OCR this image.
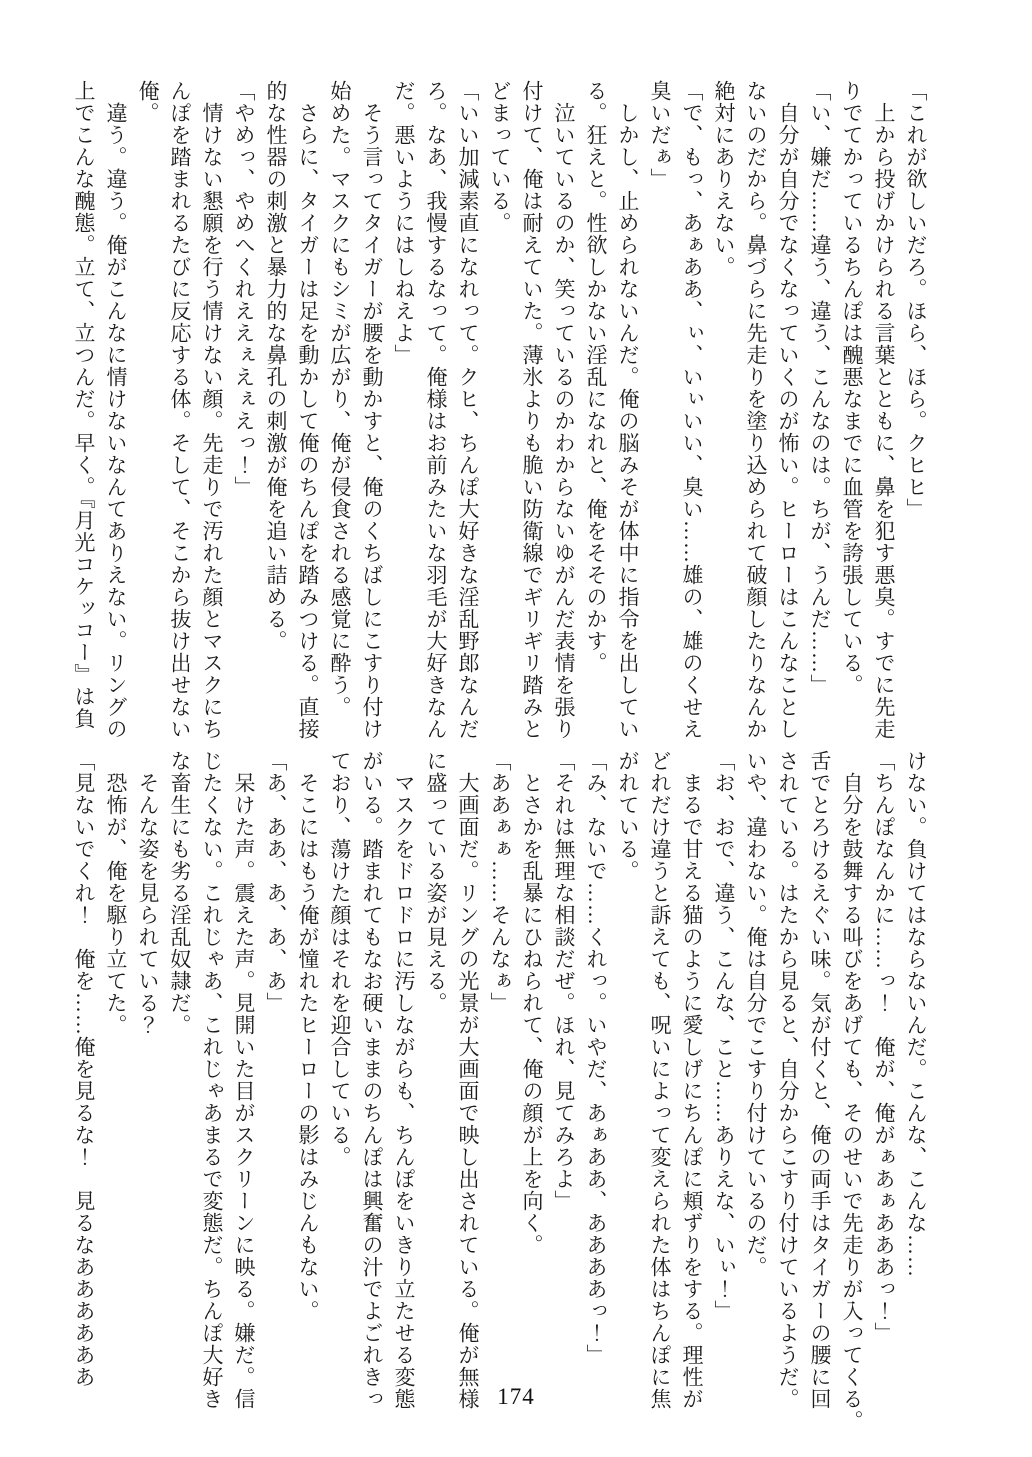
「これが欲しいだろ。ほら、ほら。クヒヒ」
　上から投げかけられる言葉とともに、鼻を犯す悪臭。すでに先走
りでてかっているちんぽは醜悪なまでに血管を誇張している。
「い、嫌だ……違う、違う、こんなのは。ちが、うんだ……」
　自分が自分でなくなっていくのが怖い。ヒーローはこんなことし
ないのだから。鼻づらに先走りを塗り込められて破顔したりなんか
絶対にありえない。
「で、もっ、あぁああ、ぃ、いぃいい、臭い……雄の、雄のくせえ
臭いだぁ」
　しかし、止められないんだ。俺の脳みそが体中に指令を出してい
る。狂えと。性欲しかない淫乱になれと、俺をそそのかす。
　泣いているのか、笑っているのかわからないゆがんだ表情を張り
付けて、俺は耐えていた。薄氷よりも脆い防衛線でギリギリ踏みと
どまっている。
「いい加減素直になれって。クヒ、ちんぽ大好きな淫乱野郎なんだ
ろ。なあ、我慢するなって。俺様はお前みたいな羽毛が大好きなん
だ。悪いようにはしねえよ」
　そう言ってタイガーが腰を動かすと、俺のくちばしにこすり付け
始めた。マスクにもシミが広がり、俺が侵食される感覚に酔う。
　さらに、タイガーは足を動かして俺のちんぽを踏みつける。直接
的な性器の刺激と暴力的な鼻孔の刺激が俺を追い詰める。
「やめっ、やめへくれええぇえぇえっ！」
　情けない懇願を行う情けない顔。先走りで汚れた顔とマスクにち
んぽを踏まれるたびに反応する体。そして、そこから抜け出せない
俺。
　違う。違う。俺がこんなに情けないなんてありえない。リングの
上でこんな醜態。立て、立つんだ。早く。『月光コケッコー』は負
けない。負けてはならないんだ。こんな、こんな……
「ちんぽなんかに……っ！　俺が、俺がぁあぁあああっ！」
　自分を鼓舞する叫びをあげても、そのせいで先走りが入ってくる。
舌でとろけるえぐい味。気が付くと、俺の両手はタイガーの腰に回
されている。はたから見ると、自分からこすり付けているようだ。
いや、違わない。俺は自分でこすり付けているのだ。
「お、おで、違う、こんな、こと……ありえな、いぃ！」
　まるで甘える猫のように愛しげにちんぽに頬ずりをする。理性が
どれだけ違うと訴えても、呪いによって変えられた体はちんぽに焦
がれている。
「み、ないで……くれっ。いやだ、あぁああ、ああああっ！」
「それは無理な相談だぜ。ほれ、見てみろよ」
　とさかを乱暴にひねられて、俺の顔が上を向く。
「ああぁぁ……そんなぁ」
　大画面だ。リングの光景が大画面で映し出されている。俺が無様
に盛っている姿が見える。
　マスクをドロドロに汚しながらも、ちんぽをいきり立たせる変態
がいる。踏まれてもなお硬いままのちんぽは興奮の汁でよごれきっ
ており、蕩けた顔はそれを迎合している。
　そこにはもう俺が憧れたヒーローの影はみじんもない。
「あ、ああ、あ、あ、あ」
　呆けた声。震えた声。見開いた目がスクリーンに映る。嫌だ。信
じたくない。これじゃあ、これじゃあまるで変態だ。ちんぽ大好き
な畜生にも劣る淫乱奴隷だ。
　そんな姿を見られている？
　恐怖が、俺を駆り立てた。
「見ないでくれ！　俺を……俺を見るな！　見るなああああああ
174
